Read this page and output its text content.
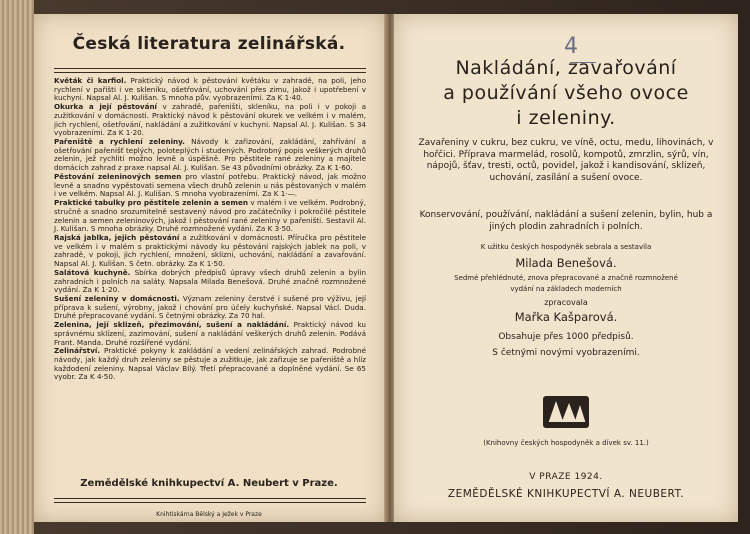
Česká literatura zelinářská.

Květák či karfiol. Praktický návod k pěstování květáku v zahradě, na poli, jeho rychlení v pařišti i ve skleníku, ošetřování, uchování přes zimu, jakož i upotřebení v kuchyni. Napsal Al. J. Kulišan. S mnoha pův. vyobrazeními. Za K 1·40.

Okurka a její pěstování v zahradě, pařeništi, skleníku, na poli i v pokoji a zužitkování v domácnosti. Praktický návod k pěstování okurek ve velkém i v malém, jich rychlení, ošetřování, nakládání a zužitkování v kuchyni. Napsal Al. J. Kulišan. S 34 vyobrazeními. Za K 1·20.

Pařeniště a rychlení zeleniny. Návody k zařizování, zakládání, zahřívání a ošetřování pařenišť teplých, poloteplých i studených. Podrobný popis veškerých druhů zelenin, jež rychliti možno levně a úspěšně. Pro pěstitele rané zeleniny a majitele domácích zahrad z praxe napsal Al. J. Kulišan. Se 43 původními obrázky. Za K 1·60.

Pěstování zeleninových semen pro vlastní potřebu. Praktický návod, jak možno levně a snadno vypěstovati semena všech druhů zelenin u nás pěstovaných v malém i ve velkém. Napsal Al. J. Kulišan. S mnoha vyobrazeními. Za K 1·—.

Praktické tabulky pro pěstitele zelenin a semen v malém i ve velkém. Podrobný, stručně a snadno srozumitelně sestavený návod pro začátečníky i pokročilé pěstitele zelenin a semen zeleninových, jakož i pěstování rané zeleniny v pařeništi. Sestavil Al. J. Kulišan. S mnoha obrázky. Druhé rozmnožené vydání. Za K 3·50.

Rajská jablka, jejich pěstování a zužitkování v domácnosti. Příručka pro pěstitele ve velkém i v malém s praktickými návody ku pěstování rajských jablek na poli, v zahradě, v pokoji, jich rychlení, množení, sklizni, uchování, nakládání a zavařování. Napsal Al. J. Kulišan. S četn. obrázky. Za K 1·50.

Salátová kuchyně. Sbírka dobrých předpisů úpravy všech druhů zelenin a bylin zahradních i polních na saláty. Napsala Milada Benešová. Druhé značně rozmnožené vydání. Za K 1·20.

Sušení zeleniny v domácnosti. Význam zeleniny čerstvé i sušené pro výživu, její příprava k sušení, výrobny, jakož i chování pro účely kuchyňské. Napsal Václ. Duda. Druhé přepracované vydání. S četnými obrázky. Za 70 hal.

Zelenina, její sklizeň, přezimování, sušení a nakládání. Praktický návod ku správnému sklízení, zazimování, sušení a nakládání veškerých druhů zelenin. Podává Frant. Manda. Druhé rozšířené vydání.

Zelinářství. Praktické pokyny k zakládání a vedení zelinářských zahrad. Podrobné návody, jak každý druh zeleniny se pěstuje a zužitkuje, jak zařizuje se pařeniště a hlíz každodení zeleniny. Napsal Václav Bílý. Třetí přepracované a doplněné vydání. Se 65 vyobr. Za K 4·50.

Zemědělské knihkupectví A. Neubert v Praze.
Knihtiskárna Bělský a Ježek v Praze
4
Nakládání, zavařování
a používání všeho ovoce
i zeleniny.
Zavařeniny v cukru, bez cukru, ve víně, octu, medu, lihovinách, v hořčici. Příprava marmelád, rosolů, kompotů, zmrzlin, sýrů, vín, nápojů, šťav, tresti, octů, povidel, jakož i kandisování, sklizeň, uchování, zasílání a sušení ovoce.
Konservování, používání, nakládání a sušení zelenin, bylin, hub a jiných plodin zahradních i polních.
K užitku českých hospodyněk sebrala a sestavila
Milada Benešová.
Sedmé přehlédnuté, znova přepracované a značně rozmnožené
vydání na základech moderních
zpracovala
Mařka Kašparová.
Obsahuje přes 1000 předpisů.
S četnými novými vyobrazeními.
(Knihovny českých hospodyněk a dívek sv. 11.)
V PRAZE 1924.
ZEMĚDĚLSKÉ KNIHKUPECTVÍ A. NEUBERT.
